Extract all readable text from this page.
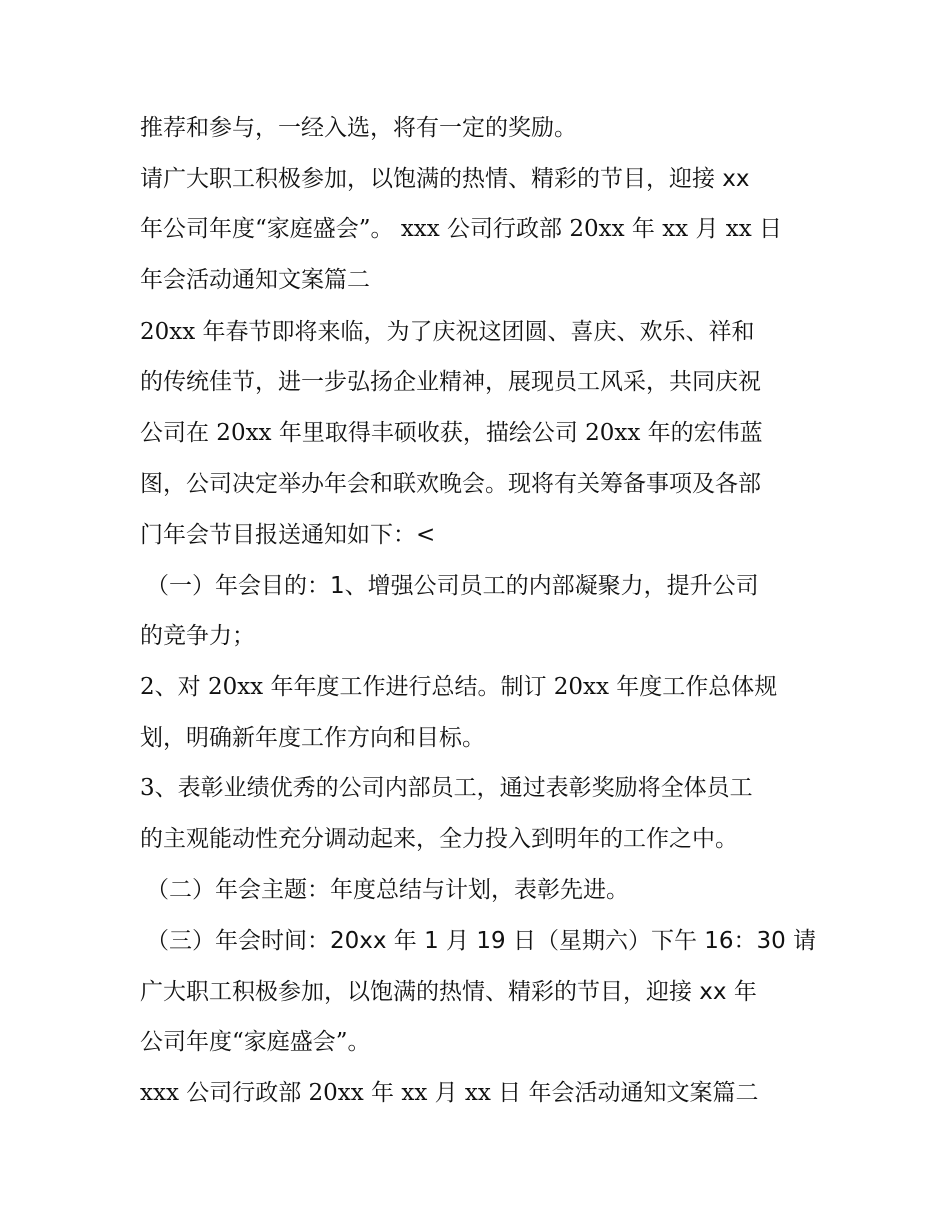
推荐和参与，一经入选，将有一定的奖励。
请广大职工积极参加，以饱满的热情、精彩的节目，迎接 xx
年公司年度“家庭盛会”。 xxx 公司行政部 20xx 年 xx 月 xx 日
年会活动通知文案篇二
20xx 年春节即将来临，为了庆祝这团圆、喜庆、欢乐、祥和
的传统佳节，进一步弘扬企业精神，展现员工风采，共同庆祝
公司在 20xx 年里取得丰硕收获，描绘公司 20xx 年的宏伟蓝
图，公司决定举办年会和联欢晚会。现将有关筹备事项及各部
门年会节目报送通知如下：<
（一）年会目的：1、增强公司员工的内部凝聚力，提升公司
的竞争力；
2、对 20xx 年年度工作进行总结。制订 20xx 年度工作总体规
划，明确新年度工作方向和目标。
3、表彰业绩优秀的公司内部员工，通过表彰奖励将全体员工
的主观能动性充分调动起来，全力投入到明年的工作之中。
（二）年会主题：年度总结与计划，表彰先进。
（三）年会时间：20xx 年 1 月 19 日（星期六）下午 16：30 请
广大职工积极参加，以饱满的热情、精彩的节目，迎接 xx 年
公司年度“家庭盛会”。
xxx 公司行政部 20xx 年 xx 月 xx 日 年会活动通知文案篇二
